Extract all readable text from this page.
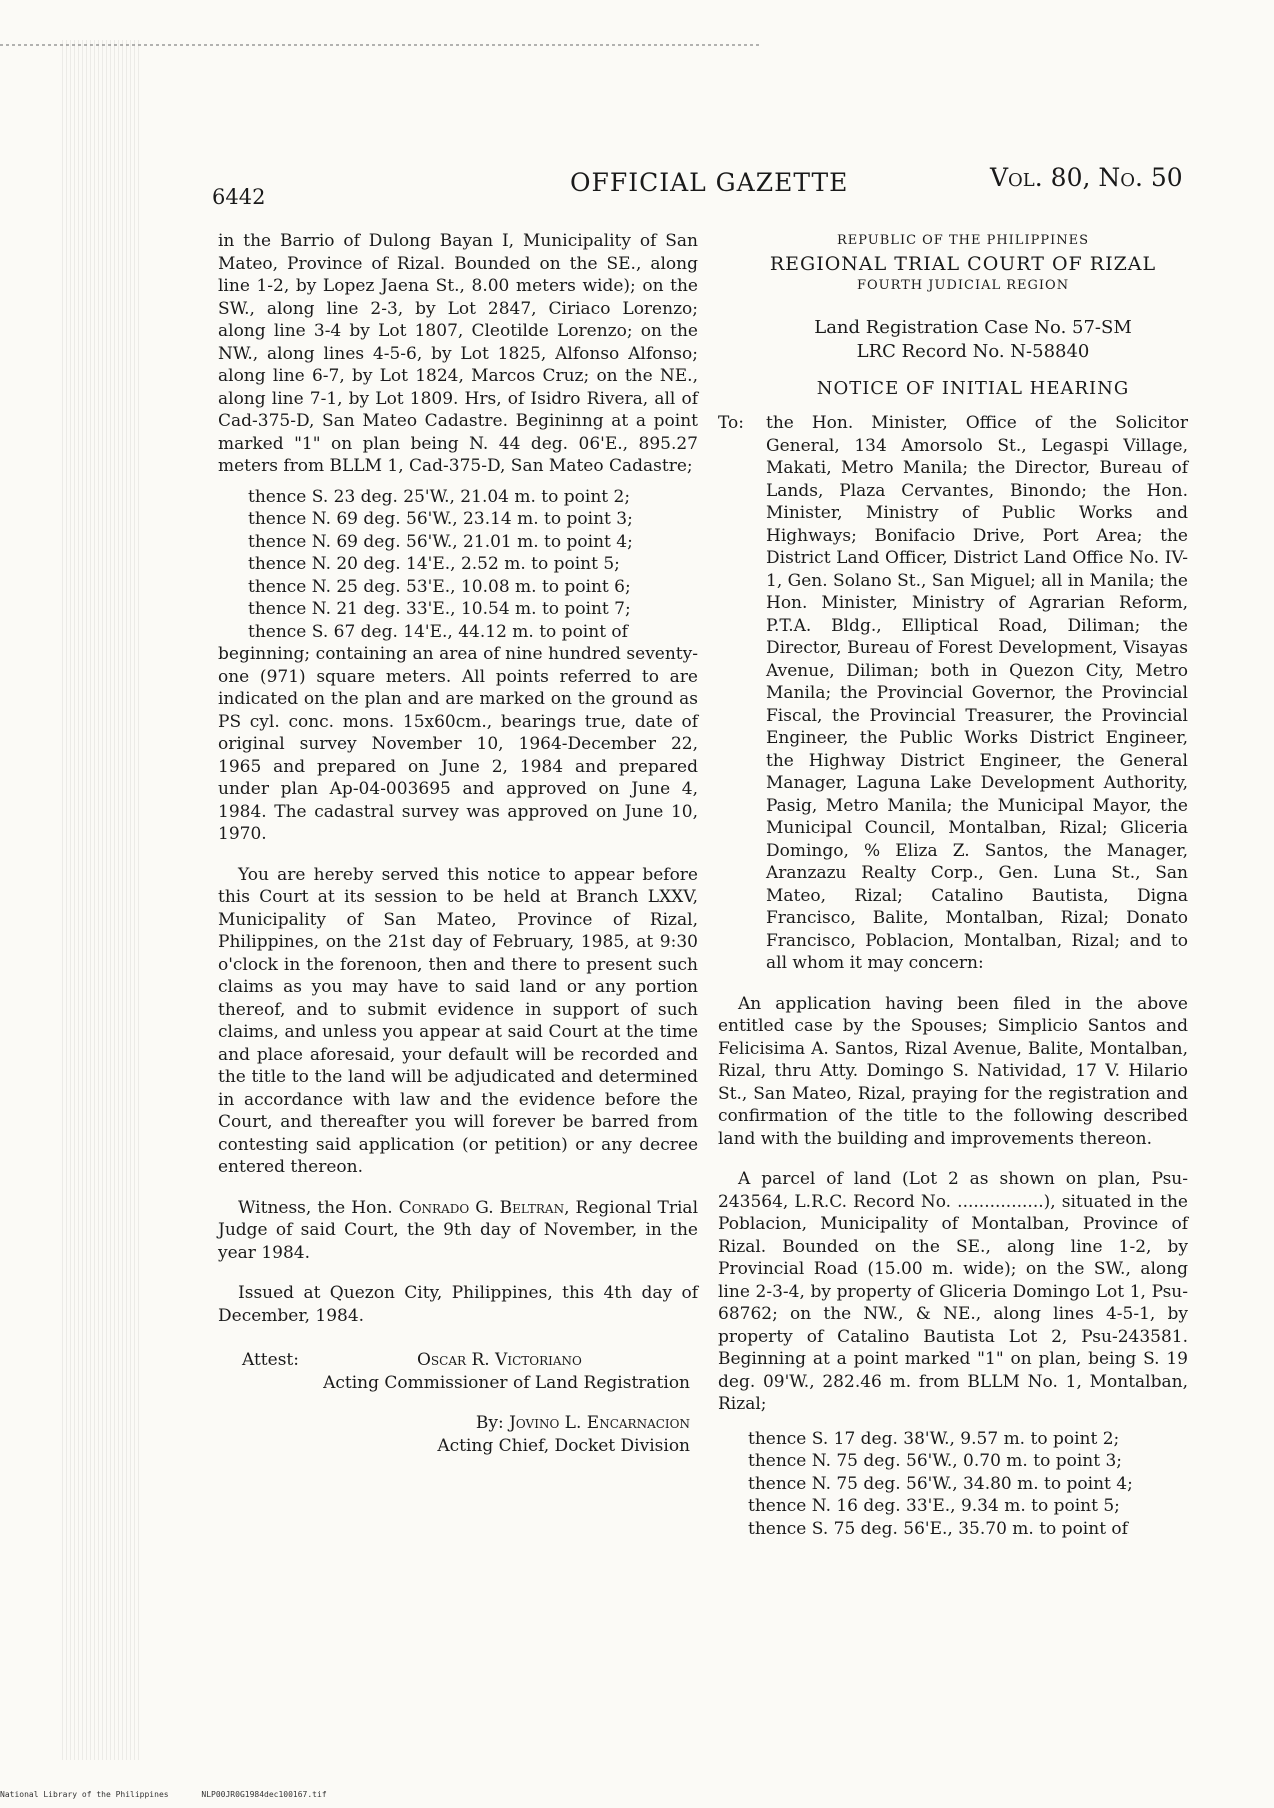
6442	OFFICIAL GAZETTE	Vol. 80, No. 50

in the Barrio of Dulong Bayan I, Municipality of San Mateo, Province of Rizal. Bounded on the SE., along line 1-2, by Lopez Jaena St., 8.00 meters wide); on the SW., along line 2-3, by Lot 2847, Ciriaco Lorenzo; along line 3-4 by Lot 1807, Cleotilde Lorenzo; on the NW., along lines 4-5-6, by Lot 1825, Alfonso Alfonso; along line 6-7, by Lot 1824, Marcos Cruz; on the NE., along line 7-1, by Lot 1809. Hrs, of Isidro Rivera, all of Cad-375-D, San Mateo Cadastre. Begininng at a point marked "1" on plan being N. 44 deg. 06'E., 895.27 meters from BLLM 1, Cad-375-D, San Mateo Cadastre;

thence S. 23 deg. 25'W., 21.04 m. to point 2;

thence N. 69 deg. 56'W., 23.14 m. to point 3;

thence N. 69 deg. 56'W., 21.01 m. to point 4;

thence N. 20 deg. 14'E., 2.52 m. to point 5;

thence N. 25 deg. 53'E., 10.08 m. to point 6;

thence N. 21 deg. 33'E., 10.54 m. to point 7;

thence S. 67 deg. 14'E., 44.12 m. to point of

beginning; containing an area of nine hundred seventy-one (971) square meters. All points referred to are indicated on the plan and are marked on the ground as PS cyl. conc. mons. 15x60cm., bearings true, date of original survey November 10, 1964-December 22, 1965 and prepared on June 2, 1984 and prepared under plan Ap-04-003695 and approved on June 4, 1984. The cadastral survey was approved on June 10, 1970.

You are hereby served this notice to appear before this Court at its session to be held at Branch LXXV, Municipality of San Mateo, Province of Rizal, Philippines, on the 21st day of February, 1985, at 9:30 o'clock in the forenoon, then and there to present such claims as you may have to said land or any portion thereof, and to submit evidence in support of such claims, and unless you appear at said Court at the time and place aforesaid, your default will be recorded and the title to the land will be adjudicated and determined in accordance with law and the evidence before the Court, and thereafter you will forever be barred from contesting said application (or petition) or any decree entered thereon.

Witness, the Hon. Conrado G. Beltran, Regional Trial Judge of said Court, the 9th day of November, in the year 1984.

Issued at Quezon City, Philippines, this 4th day of December, 1984.

Attest:	Oscar R. Victoriano

Acting Commissioner of Land Registration

By: Jovino L. Encarnacion

Acting Chief, Docket Division

REPUBLIC OF THE PHILIPPINES
REGIONAL TRIAL COURT OF RIZAL
FOURTH JUDICIAL REGION
Land Registration Case No. 57-SM
LRC Record No. N-58840
NOTICE OF INITIAL HEARING
To:	the Hon. Minister, Office of the Solicitor General, 134 Amorsolo St., Legaspi Village, Makati, Metro Manila; the Director, Bureau of Lands, Plaza Cervantes, Binondo; the Hon. Minister, Ministry of Public Works and Highways; Bonifacio Drive, Port Area; the District Land Officer, District Land Office No. IV-1, Gen. Solano St., San Miguel; all in Manila; the Hon. Minister, Ministry of Agrarian Reform, P.T.A. Bldg., Elliptical Road, Diliman; the Director, Bureau of Forest Development, Visayas Avenue, Diliman; both in Quezon City, Metro Manila; the Provincial Governor, the Provincial Fiscal, the Provincial Treasurer, the Provincial Engineer, the Public Works District Engineer, the Highway District Engineer, the General Manager, Laguna Lake Development Authority, Pasig, Metro Manila; the Municipal Mayor, the Municipal Council, Montalban, Rizal; Gliceria Domingo, % Eliza Z. Santos, the Manager, Aranzazu Realty Corp., Gen. Luna St., San Mateo, Rizal; Catalino Bautista, Digna Francisco, Balite, Montalban, Rizal; Donato Francisco, Poblacion, Montalban, Rizal; and to all whom it may concern:

An application having been filed in the above entitled case by the Spouses; Simplicio Santos and Felicisima A. Santos, Rizal Avenue, Balite, Montalban, Rizal, thru Atty. Domingo S. Natividad, 17 V. Hilario St., San Mateo, Rizal, praying for the registration and confirmation of the title to the following described land with the building and improvements thereon.

A parcel of land (Lot 2 as shown on plan, Psu-243564, L.R.C. Record No. ................), situated in the Poblacion, Municipality of Montalban, Province of Rizal. Bounded on the SE., along line 1-2, by Provincial Road (15.00 m. wide); on the SW., along line 2-3-4, by property of Gliceria Domingo Lot 1, Psu-68762; on the NW., & NE., along lines 4-5-1, by property of Catalino Bautista Lot 2, Psu-243581. Beginning at a point marked "1" on plan, being S. 19 deg. 09'W., 282.46 m. from BLLM No. 1, Montalban, Rizal;

thence S. 17 deg. 38'W., 9.57 m. to point 2;

thence N. 75 deg. 56'W., 0.70 m. to point 3;

thence N. 75 deg. 56'W., 34.80 m. to point 4;

thence N. 16 deg. 33'E., 9.34 m. to point 5;

thence S. 75 deg. 56'E., 35.70 m. to point of

National Library of the Philippines	NLP00JR0G1984dec100167.tif
